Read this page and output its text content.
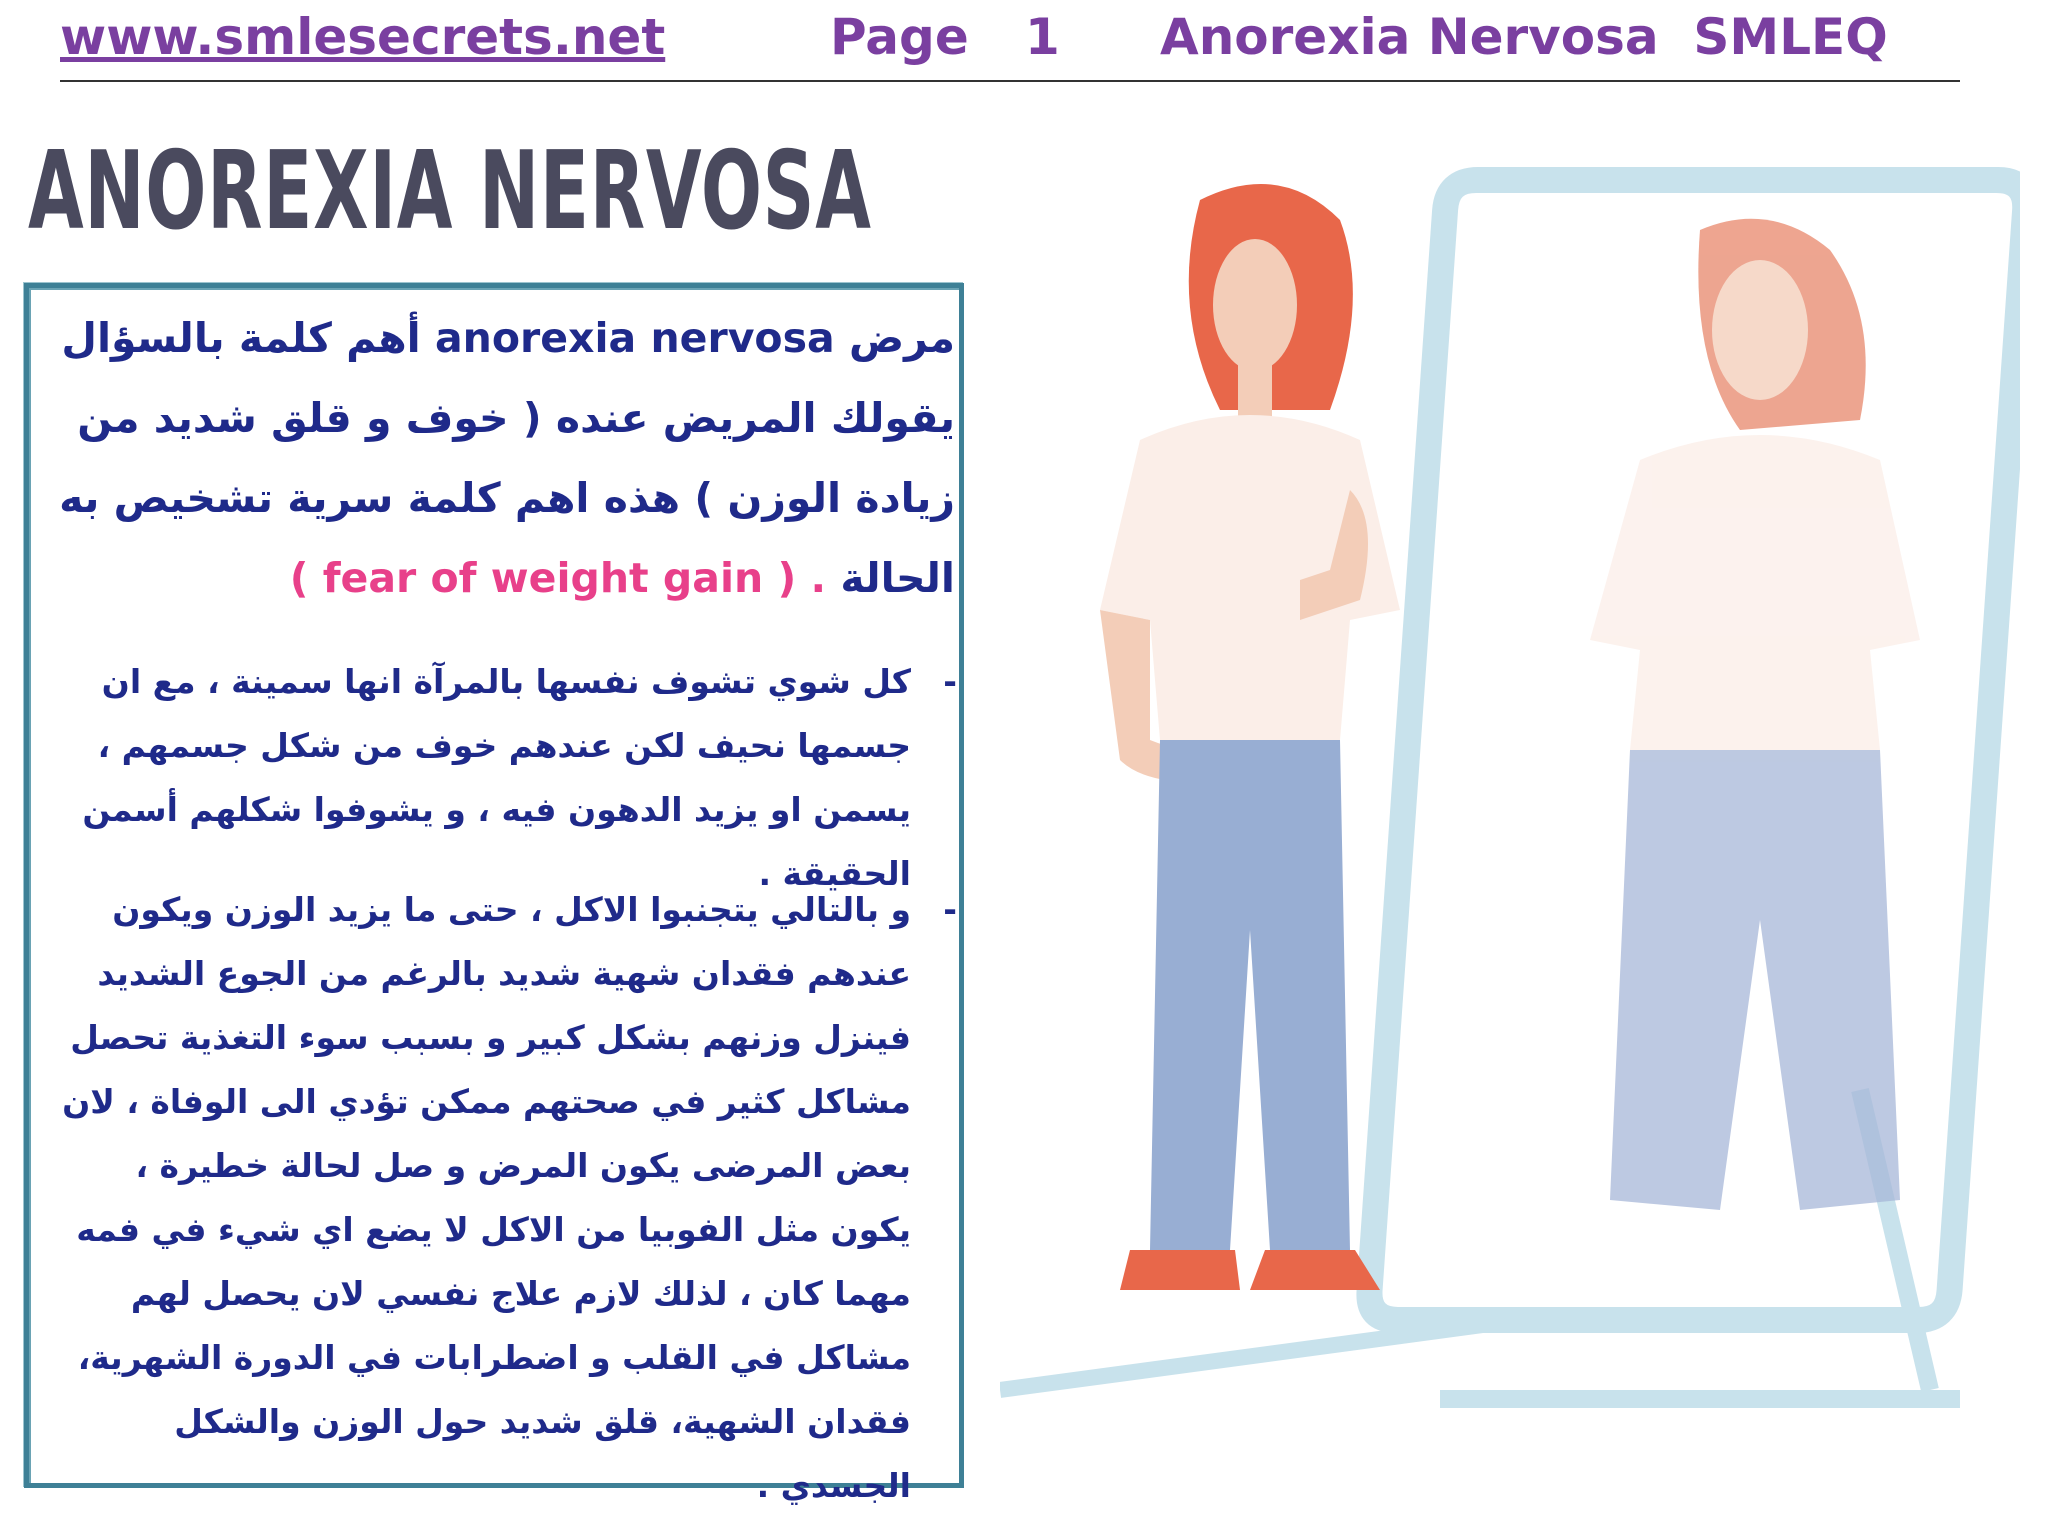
www.smlesecrets.net	Page 1 Anorexia Nervosa  SMLEQ
ANOREXIA NERVOSA
مرض anorexia nervosa أهم كلمة بالسؤال يقولك المريض عنده ( خوف و قلق شديد من زيادة الوزن ) هذه اهم كلمة سرية تشخيص به الحالة ( fear of weight gain ) .
-
كل شوي تشوف نفسها بالمرآة انها سمينة ، مع ان جسمها نحيف لكن عندهم خوف من شكل جسمهم ، يسمن او يزيد الدهون فيه ، و يشوفوا شكلهم أسمن الحقيقة .
-
و بالتالي يتجنبوا الاكل ، حتى ما يزيد الوزن ويكون عندهم فقدان شهية شديد بالرغم من الجوع الشديد فينزل وزنهم بشكل كبير و بسبب سوء التغذية تحصل مشاكل كثير في صحتهم ممكن تؤدي الى الوفاة ، لان بعض المرضى يكون المرض و صل لحالة خطيرة ، يكون مثل الفوبيا من الاكل لا يضع اي شيء في فمه مهما كان ، لذلك لازم علاج نفسي لان يحصل لهم مشاكل في القلب و اضطرابات في الدورة الشهرية، فقدان الشهية، قلق شديد حول الوزن والشكل الجسدي .
